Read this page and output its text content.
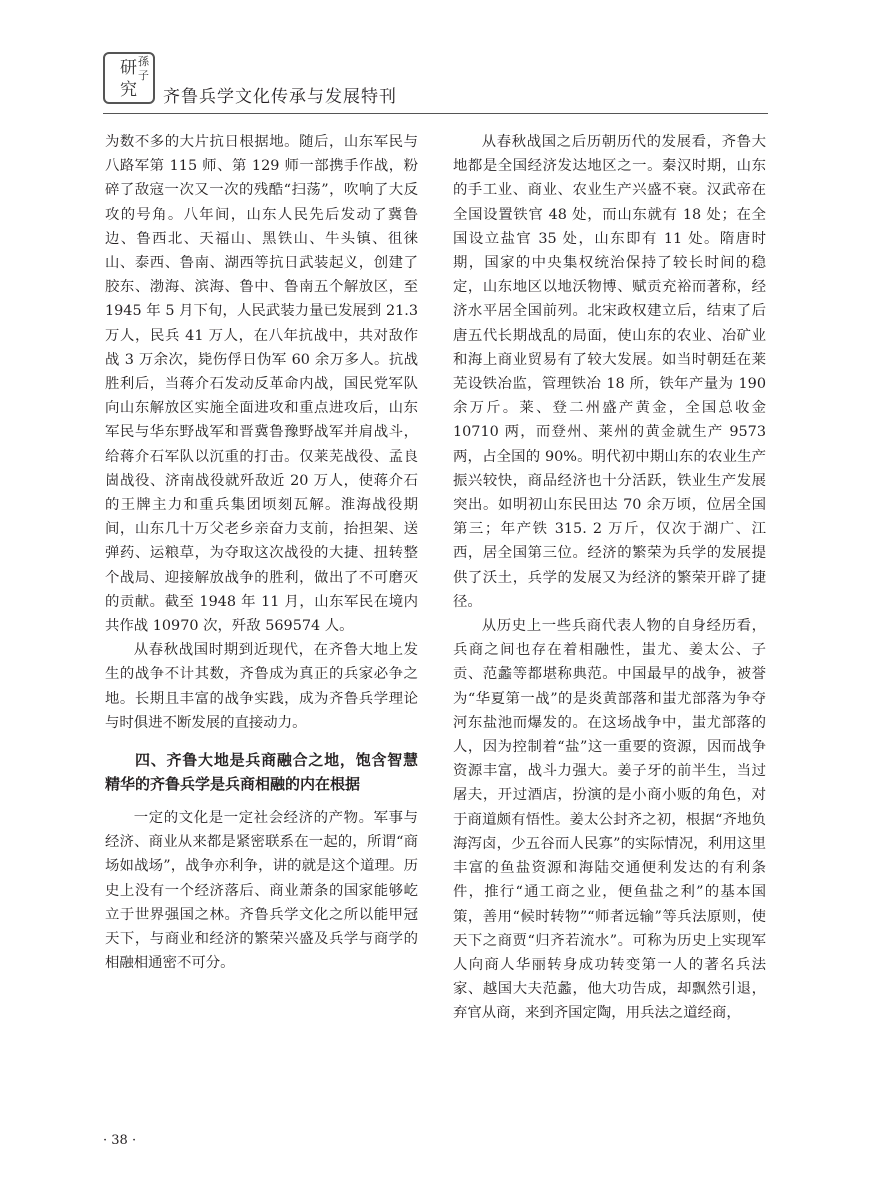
研
究
孫
子
齐鲁兵学文化传承与发展特刊

为数不多的大片抗日根据地。随后，山东军民与八路军第 115 师、第 129 师一部携手作战，粉碎了敌寇一次又一次的残酷“扫荡”，吹响了大反攻的号角。八年间，山东人民先后发动了冀鲁边、鲁西北、天福山、黑铁山、牛头镇、徂徕山、泰西、鲁南、湖西等抗日武装起义，创建了胶东、渤海、滨海、鲁中、鲁南五个解放区，至 1945 年 5 月下旬，人民武装力量已发展到 21.3 万人，民兵 41 万人，在八年抗战中，共对敌作战 3 万余次，毙伤俘日伪军 60 余万多人。抗战胜利后，当蒋介石发动反革命内战，国民党军队向山东解放区实施全面进攻和重点进攻后，山东军民与华东野战军和晋冀鲁豫野战军并肩战斗，给蒋介石军队以沉重的打击。仅莱芜战役、孟良崮战役、济南战役就歼敌近 20 万人，使蒋介石的王牌主力和重兵集团顷刻瓦解。淮海战役期间，山东几十万父老乡亲奋力支前，抬担架、送弹药、运粮草，为夺取这次战役的大捷、扭转整个战局、迎接解放战争的胜利，做出了不可磨灭的贡献。截至 1948 年 11 月，山东军民在境内共作战 10970 次，歼敌 569574 人。

从春秋战国时期到近现代，在齐鲁大地上发生的战争不计其数，齐鲁成为真正的兵家必争之地。长期且丰富的战争实践，成为齐鲁兵学理论与时俱进不断发展的直接动力。

四、齐鲁大地是兵商融合之地，饱含智慧精华的齐鲁兵学是兵商相融的内在根据

一定的文化是一定社会经济的产物。军事与经济、商业从来都是紧密联系在一起的，所谓“商场如战场”，战争亦利争，讲的就是这个道理。历史上没有一个经济落后、商业萧条的国家能够屹立于世界强国之林。齐鲁兵学文化之所以能甲冠天下，与商业和经济的繁荣兴盛及兵学与商学的相融相通密不可分。

从春秋战国之后历朝历代的发展看，齐鲁大地都是全国经济发达地区之一。秦汉时期，山东的手工业、商业、农业生产兴盛不衰。汉武帝在全国设置铁官 48 处，而山东就有 18 处；在全国设立盐官 35 处，山东即有 11 处。隋唐时期，国家的中央集权统治保持了较长时间的稳定，山东地区以地沃物博、赋贡充裕而著称，经济水平居全国前列。北宋政权建立后，结束了后唐五代长期战乱的局面，使山东的农业、冶矿业和海上商业贸易有了较大发展。如当时朝廷在莱芜设铁冶监，管理铁冶 18 所，铁年产量为 190 余万斤。莱、登二州盛产黄金，全国总收金 10710 两，而登州、莱州的黄金就生产 9573 两，占全国的 90%。明代初中期山东的农业生产振兴较快，商品经济也十分活跃，铁业生产发展突出。如明初山东民田达 70 余万顷，位居全国第三；年产铁 315. 2 万斤，仅次于湖广、江西，居全国第三位。经济的繁荣为兵学的发展提供了沃土，兵学的发展又为经济的繁荣开辟了捷径。

从历史上一些兵商代表人物的自身经历看，兵商之间也存在着相融性，蚩尤、姜太公、子贡、范蠡等都堪称典范。中国最早的战争，被誉为“华夏第一战”的是炎黄部落和蚩尤部落为争夺河东盐池而爆发的。在这场战争中，蚩尤部落的人，因为控制着“盐”这一重要的资源，因而战争资源丰富，战斗力强大。姜子牙的前半生，当过屠夫，开过酒店，扮演的是小商小贩的角色，对于商道颇有悟性。姜太公封齐之初，根据“齐地负海泻卤，少五谷而人民寡”的实际情况，利用这里丰富的鱼盐资源和海陆交通便利发达的有利条件，推行“通工商之业，便鱼盐之利”的基本国策，善用“候时转物”“师者远输”等兵法原则，使天下之商贾“归齐若流水”。可称为历史上实现军人向商人华丽转身成功转变第一人的著名兵法家、越国大夫范蠡，他大功告成，却飘然引退，弃官从商，来到齐国定陶，用兵法之道经商，

· 38 ·
